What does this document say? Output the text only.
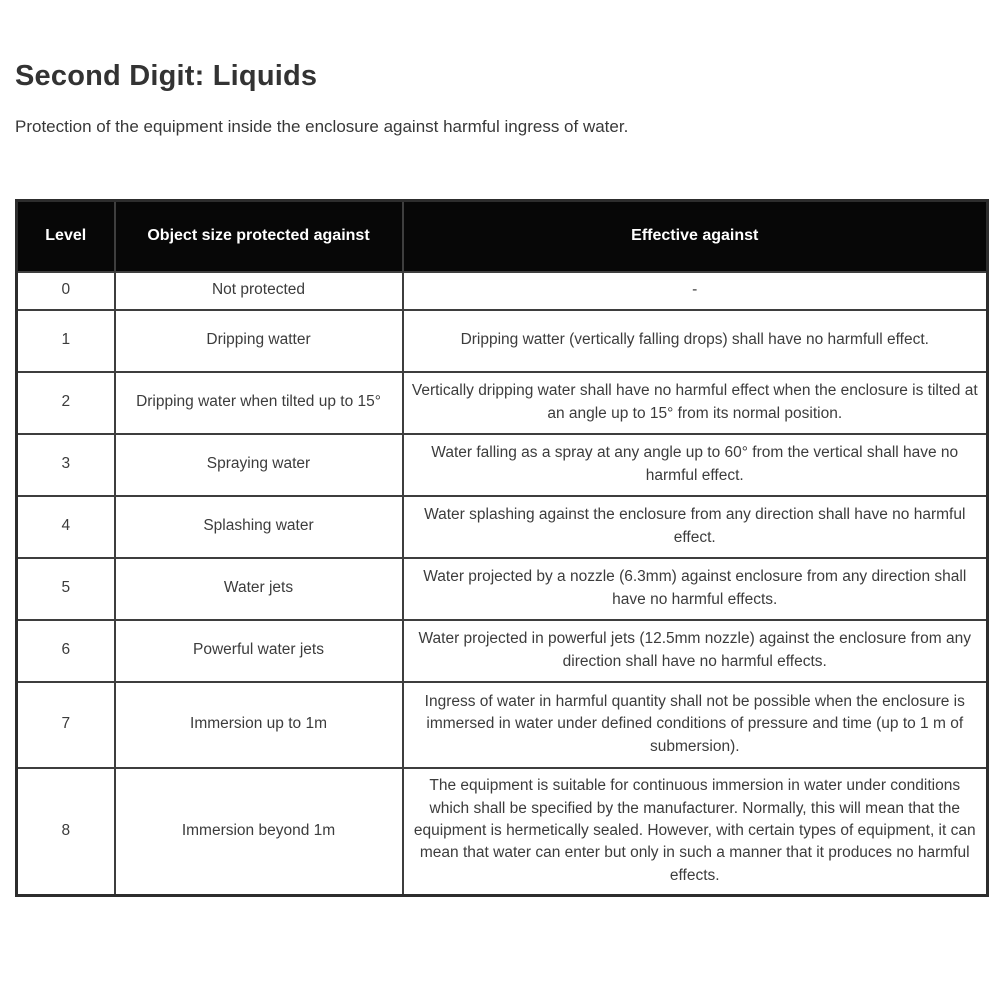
Second Digit: Liquids

Protection of the equipment inside the enclosure against harmful ingress of water.

Level	Object size protected against	Effective against
0	Not protected	-
1	Dripping watter	Dripping watter (vertically falling drops) shall have no harmfull effect.
2	Dripping water when tilted up to 15°	Vertically dripping water shall have no harmful effect when the enclosure is tilted at an angle up to 15° from its normal position.
3	Spraying water	Water falling as a spray at any angle up to 60° from the vertical shall have no harmful effect.
4	Splashing water	Water splashing against the enclosure from any direction shall have no harmful effect.
5	Water jets	Water projected by a nozzle (6.3mm) against enclosure from any direction shall have no harmful effects.
6	Powerful water jets	Water projected in powerful jets (12.5mm nozzle) against the enclosure from any direction shall have no harmful effects.
7	Immersion up to 1m	Ingress of water in harmful quantity shall not be possible when the enclosure is immersed in water under defined conditions of pressure and time (up to 1 m of submersion).
8	Immersion beyond 1m	The equipment is suitable for continuous immersion in water under conditions which shall be specified by the manufacturer. Normally, this will mean that the equipment is hermetically sealed. However, with certain types of equipment, it can mean that water can enter but only in such a manner that it produces no harmful effects.
